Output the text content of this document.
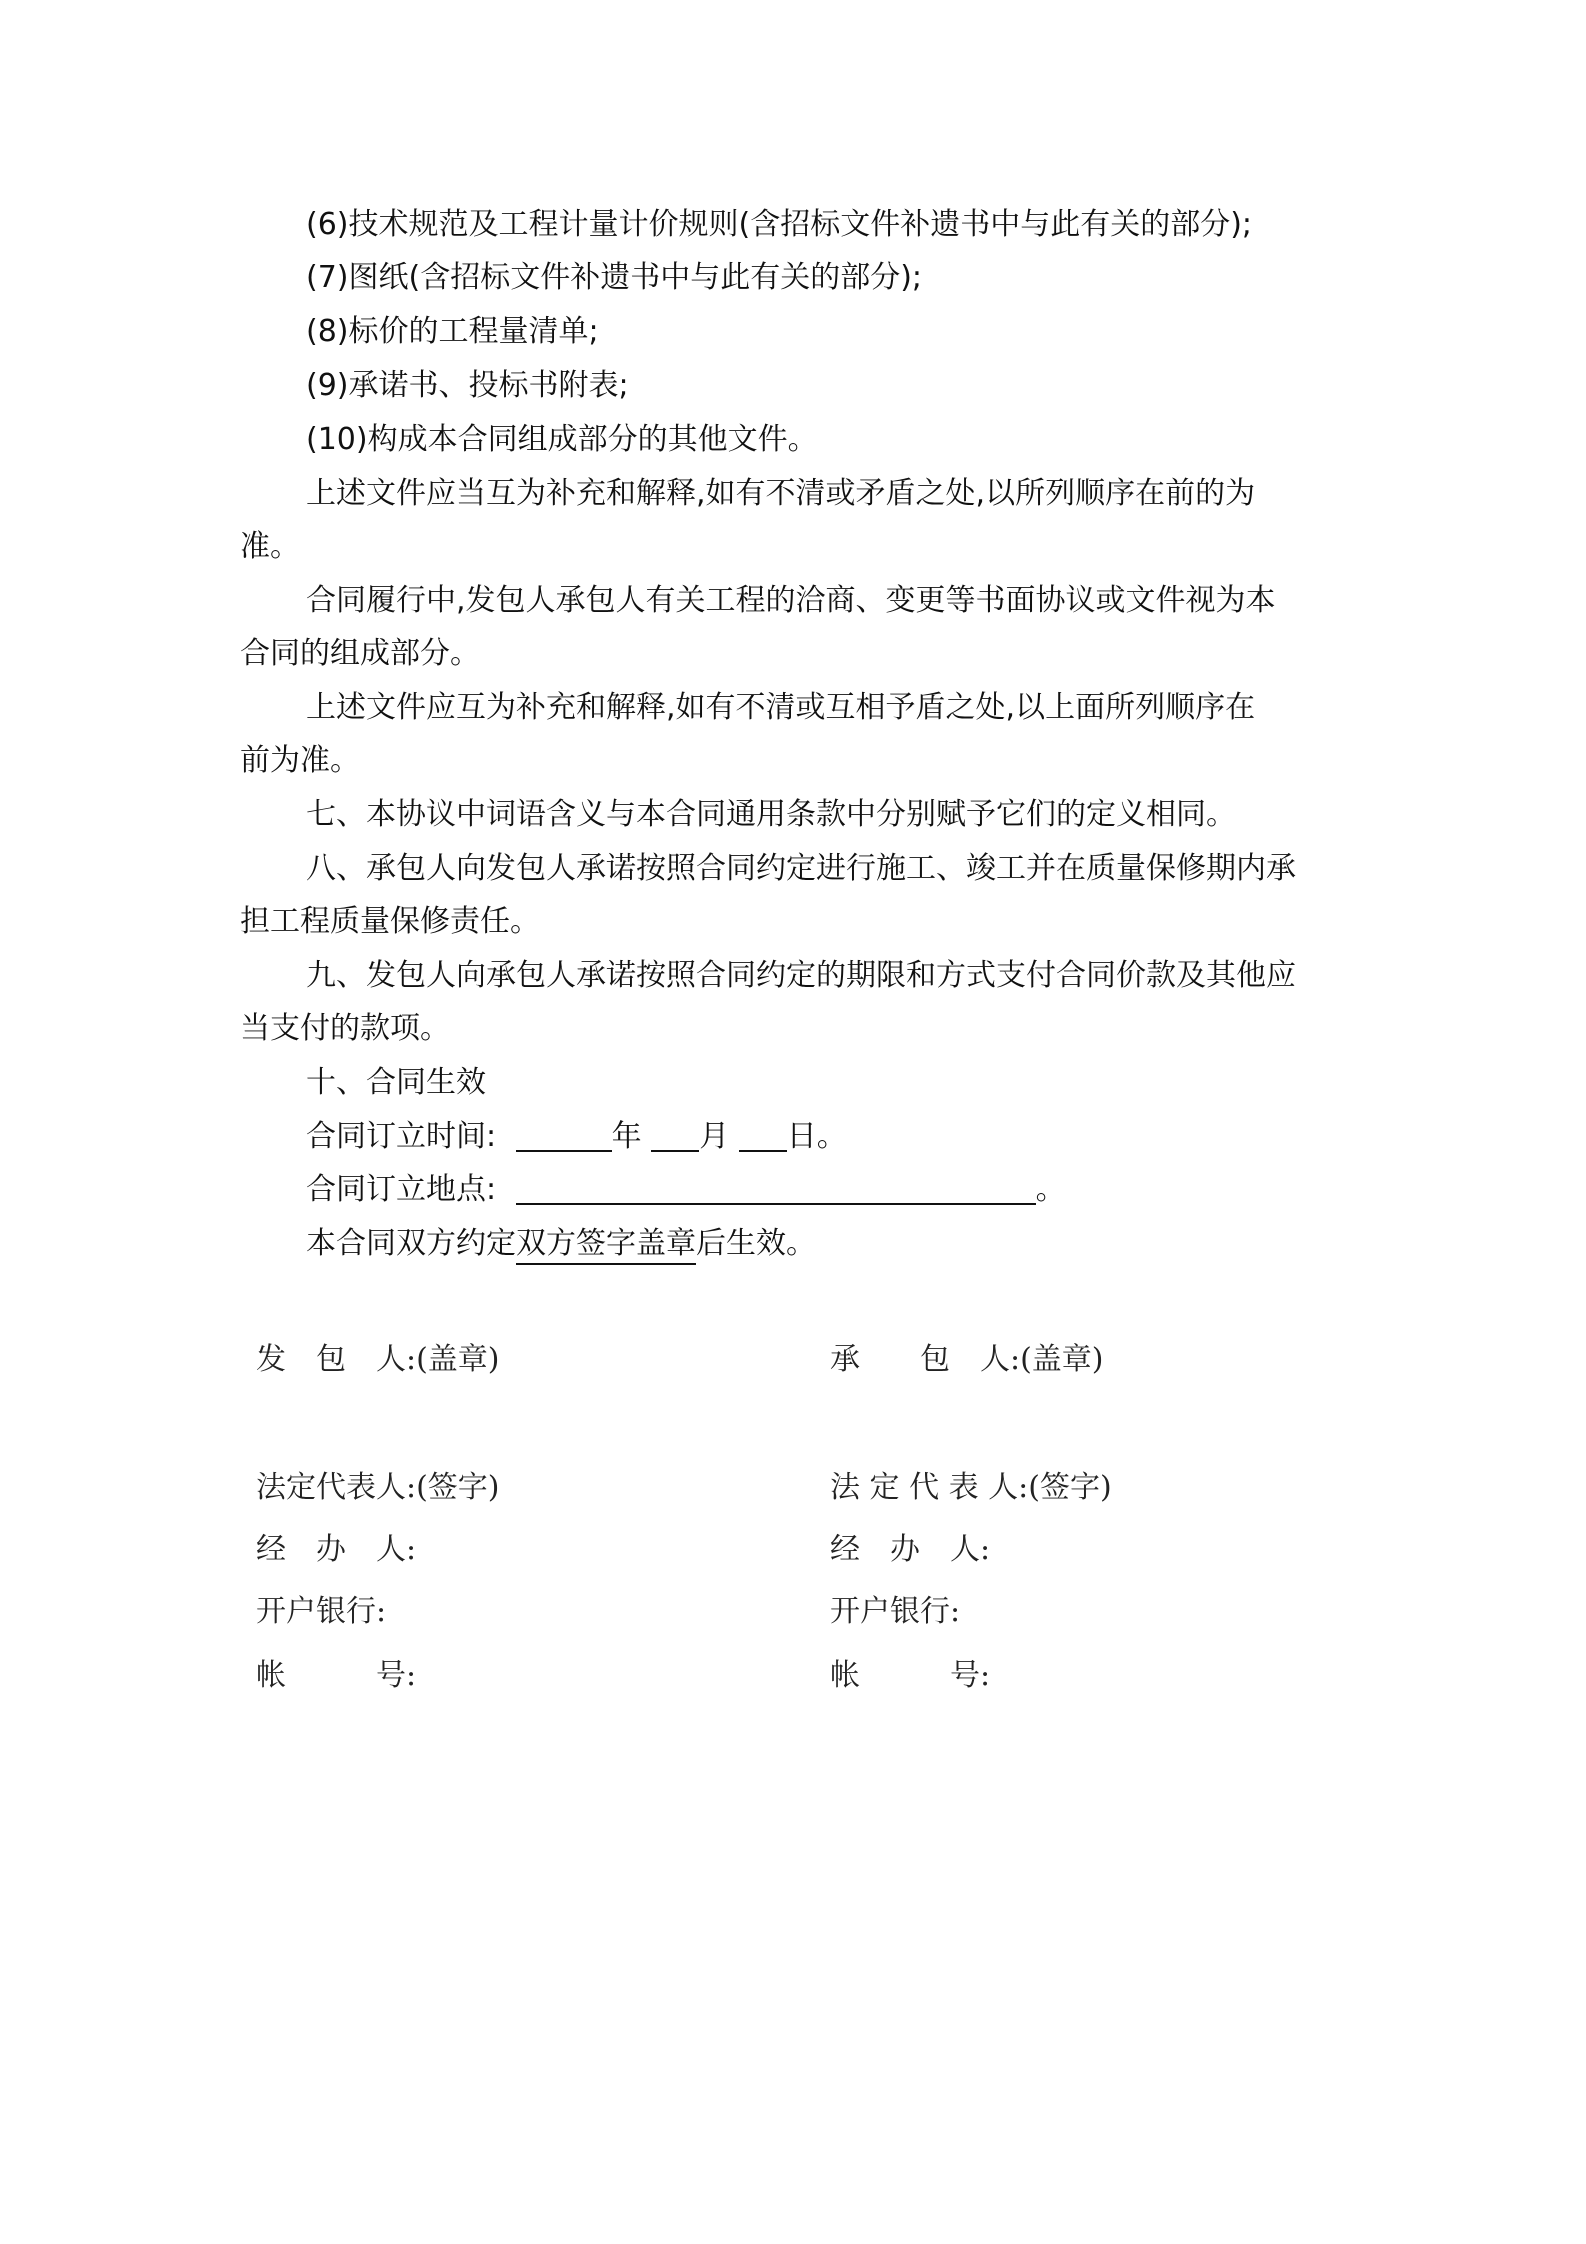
(6)技术规范及工程计量计价规则(含招标文件补遗书中与此有关的部分);
(7)图纸(含招标文件补遗书中与此有关的部分);
(8)标价的工程量清单;
(9)承诺书、投标书附表;
(10)构成本合同组成部分的其他文件。
上述文件应当互为补充和解释,如有不清或矛盾之处,以所列顺序在前的为
准。
合同履行中,发包人承包人有关工程的洽商、变更等书面协议或文件视为本
合同的组成部分。
上述文件应互为补充和解释,如有不清或互相予盾之处,以上面所列顺序在
前为准。
七、本协议中词语含义与本合同通用条款中分别赋予它们的定义相同。
八、承包人向发包人承诺按照合同约定进行施工、竣工并在质量保修期内承
担工程质量保修责任。
九、发包人向承包人承诺按照合同约定的期限和方式支付合同价款及其他应
当支付的款项。
十、合同生效
合同订立时间:	年 月 日。
合同订立地点:	。
本合同双方约定双方签字盖章后生效。
发　包　人:(盖章)	承　　包　人:(盖章)
法定代表人:(签字)	法 定 代 表 人:(签字)
经　办　人:	经　办　人:
开户银行:	开户银行:
帐　　　号:	帐　　　号:
